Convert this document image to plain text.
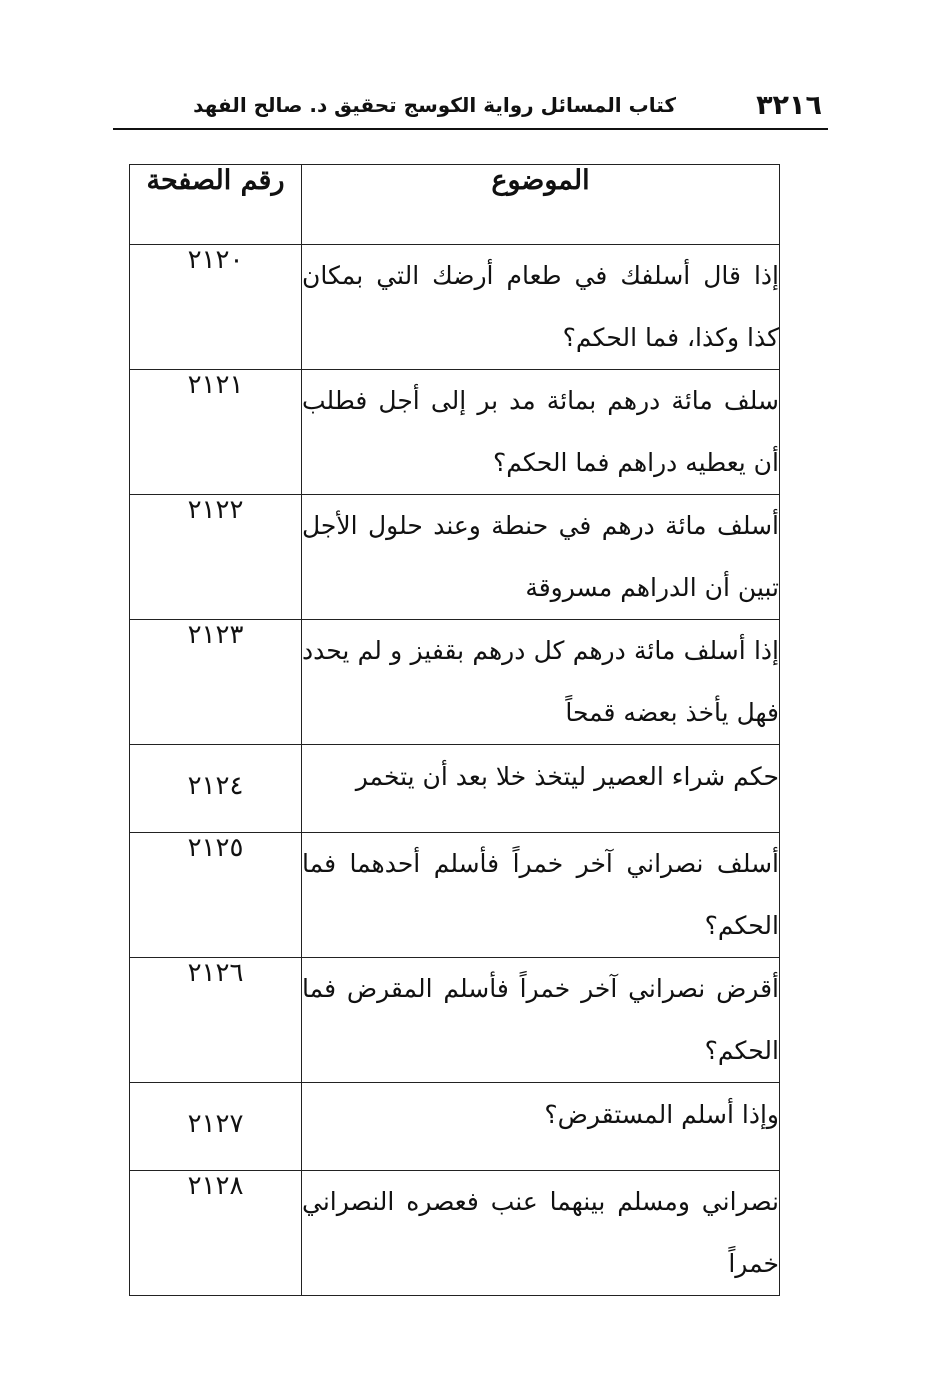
٣٢١٦
كتاب المسائل رواية الكوسج تحقيق د. صالح الفهد
الموضوع	رقم الصفحة
إذا قال أسلفك في طعام أرضك التي بمكان كذا وكذا، فما الحكم؟	٢١٢٠
سلف مائة درهم بمائة مد بر إلى أجل فطلب أن يعطيه دراهم فما الحكم؟	٢١٢١
أسلف مائة درهم في حنطة وعند حلول الأجل تبين أن الدراهم مسروقة	٢١٢٢
إذا أسلف مائة درهم كل درهم بقفيز و لم يحدد فهل يأخذ بعضه قمحاً	٢١٢٣
حكم شراء العصير ليتخذ خلا بعد أن يتخمر	٢١٢٤
أسلف نصراني آخر خمراً فأسلم أحدهما فما الحكم؟	٢١٢٥
أقرض نصراني آخر خمراً فأسلم المقرض فما الحكم؟	٢١٢٦
وإذا أسلم المستقرض؟	٢١٢٧
نصراني ومسلم بينهما عنب فعصره النصراني خمراً	٢١٢٨
